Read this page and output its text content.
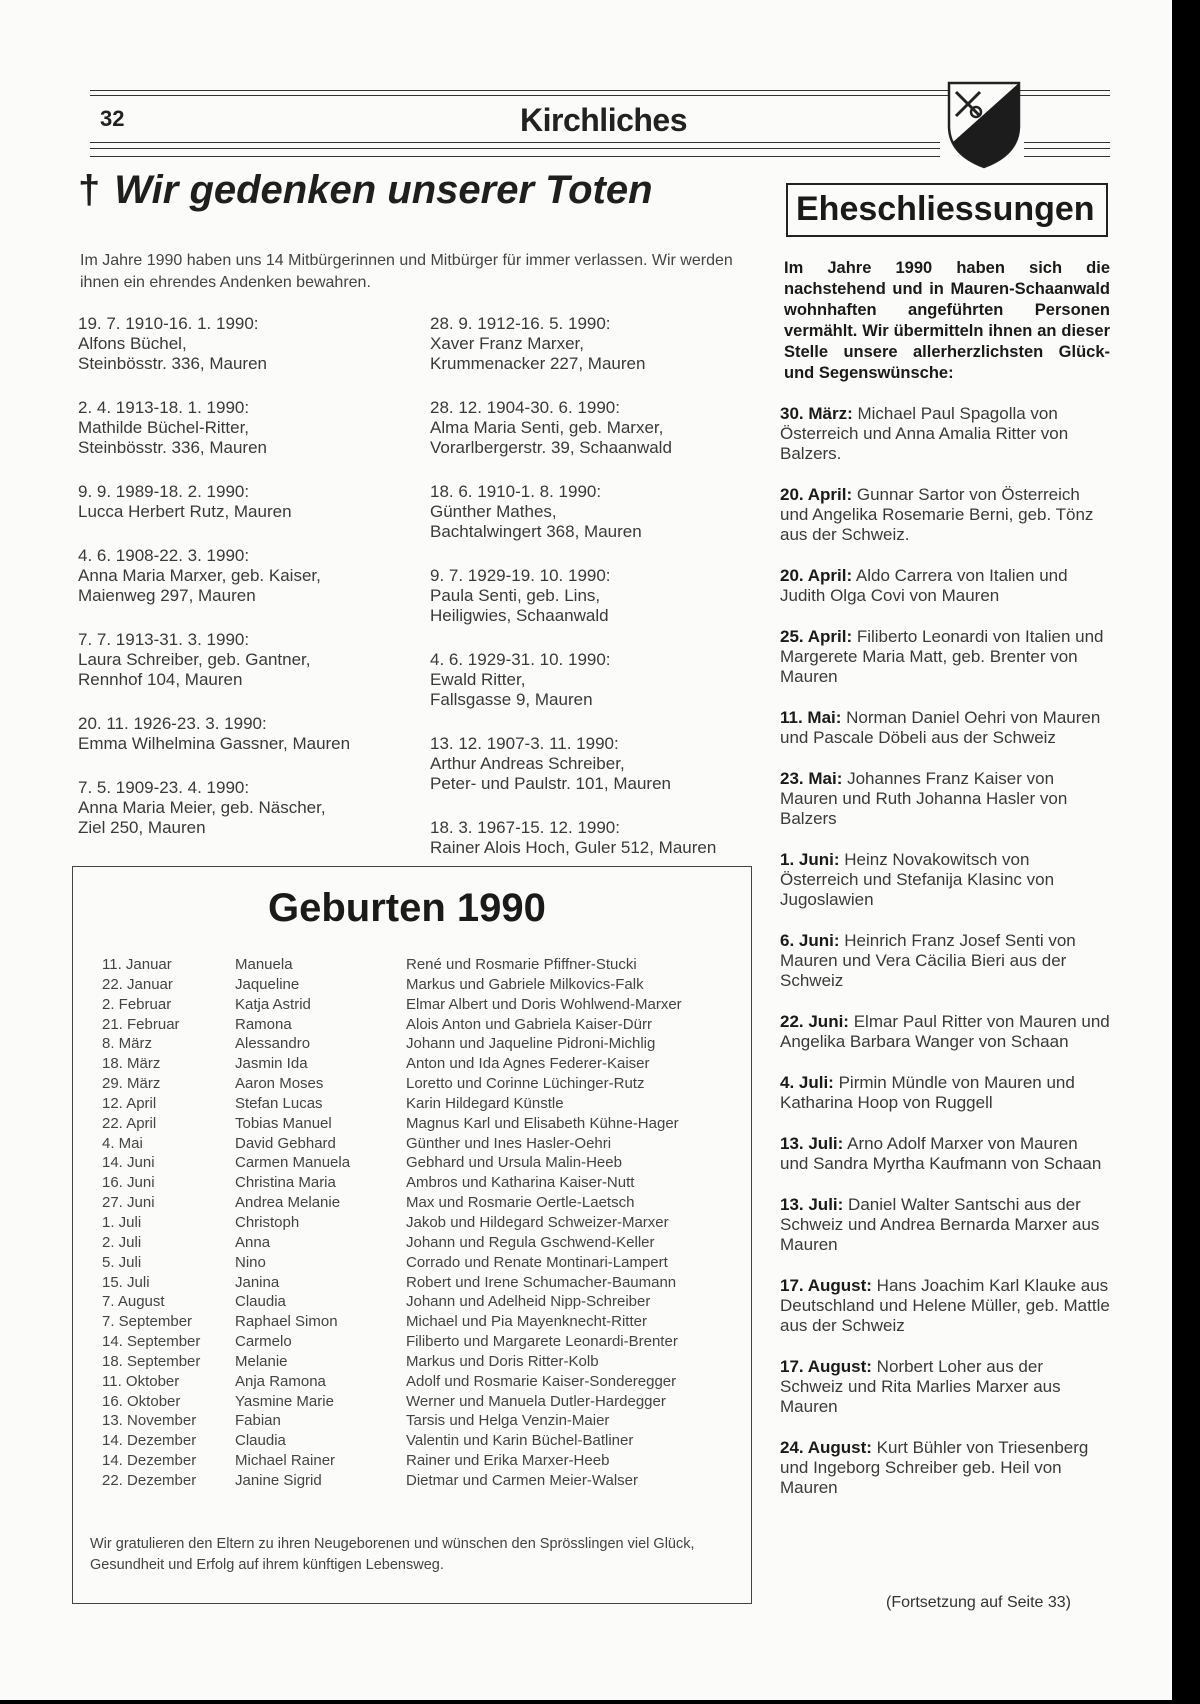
32	Kirchliches
† Wir gedenken unserer Toten
Im Jahre 1990 haben uns 14 Mitbürgerinnen und Mitbürger für immer verlassen. Wir werden ihnen ein ehrendes Andenken bewahren.
19. 7. 1910-16. 1. 1990:
Alfons Büchel,
Steinbösstr. 336, Mauren
2. 4. 1913-18. 1. 1990:
Mathilde Büchel-Ritter,
Steinbösstr. 336, Mauren
9. 9. 1989-18. 2. 1990:
Lucca Herbert Rutz, Mauren
4. 6. 1908-22. 3. 1990:
Anna Maria Marxer, geb. Kaiser,
Maienweg 297, Mauren
7. 7. 1913-31. 3. 1990:
Laura Schreiber, geb. Gantner,
Rennhof 104, Mauren
20. 11. 1926-23. 3. 1990:
Emma Wilhelmina Gassner, Mauren
7. 5. 1909-23. 4. 1990:
Anna Maria Meier, geb. Näscher,
Ziel 250, Mauren
28. 9. 1912-16. 5. 1990:
Xaver Franz Marxer,
Krummenacker 227, Mauren
28. 12. 1904-30. 6. 1990:
Alma Maria Senti, geb. Marxer,
Vorarlbergerstr. 39, Schaanwald
18. 6. 1910-1. 8. 1990:
Günther Mathes,
Bachtalwingert 368, Mauren
9. 7. 1929-19. 10. 1990:
Paula Senti, geb. Lins,
Heiligwies, Schaanwald
4. 6. 1929-31. 10. 1990:
Ewald Ritter,
Fallsgasse 9, Mauren
13. 12. 1907-3. 11. 1990:
Arthur Andreas Schreiber,
Peter- und Paulstr. 101, Mauren
18. 3. 1967-15. 12. 1990:
Rainer Alois Hoch, Guler 512, Mauren
Eheschliessungen
Im Jahre 1990 haben sich die nachstehend und in Mauren-Schaanwald wohnhaften angeführten Personen vermählt. Wir übermitteln ihnen an dieser Stelle unsere allerherzlichsten Glück- und Segenswünsche:
30. März: Michael Paul Spagolla von Österreich und Anna Amalia Ritter von Balzers.
20. April: Gunnar Sartor von Österreich und Angelika Rosemarie Berni, geb. Tönz aus der Schweiz.
20. April: Aldo Carrera von Italien und Judith Olga Covi von Mauren
25. April: Filiberto Leonardi von Italien und Margerete Maria Matt, geb. Brenter von Mauren
11. Mai: Norman Daniel Oehri von Mauren und Pascale Döbeli aus der Schweiz
23. Mai: Johannes Franz Kaiser von Mauren und Ruth Johanna Hasler von Balzers
1. Juni: Heinz Novakowitsch von Österreich und Stefanija Klasinc von Jugoslawien
6. Juni: Heinrich Franz Josef Senti von Mauren und Vera Cäcilia Bieri aus der Schweiz
22. Juni: Elmar Paul Ritter von Mauren und Angelika Barbara Wanger von Schaan
4. Juli: Pirmin Mündle von Mauren und Katharina Hoop von Ruggell
13. Juli: Arno Adolf Marxer von Mauren und Sandra Myrtha Kaufmann von Schaan
13. Juli: Daniel Walter Santschi aus der Schweiz und Andrea Bernarda Marxer aus Mauren
17. August: Hans Joachim Karl Klauke aus Deutschland und Helene Müller, geb. Mattle aus der Schweiz
17. August: Norbert Loher aus der Schweiz und Rita Marlies Marxer aus Mauren
24. August: Kurt Bühler von Triesenberg und Ingeborg Schreiber geb. Heil von Mauren
(Fortsetzung auf Seite 33)
Geburten 1990
11. Januar	Manuela	René und Rosmarie Pfiffner-Stucki
22. Januar	Jaqueline	Markus und Gabriele Milkovics-Falk
2. Februar	Katja Astrid	Elmar Albert und Doris Wohlwend-Marxer
21. Februar	Ramona	Alois Anton und Gabriela Kaiser-Dürr
8. März	Alessandro	Johann und Jaqueline Pidroni-Michlig
18. März	Jasmin Ida	Anton und Ida Agnes Federer-Kaiser
29. März	Aaron Moses	Loretto und Corinne Lüchinger-Rutz
12. April	Stefan Lucas	Karin Hildegard Künstle
22. April	Tobias Manuel	Magnus Karl und Elisabeth Kühne-Hager
4. Mai	David Gebhard	Günther und Ines Hasler-Oehri
14. Juni	Carmen Manuela	Gebhard und Ursula Malin-Heeb
16. Juni	Christina Maria	Ambros und Katharina Kaiser-Nutt
27. Juni	Andrea Melanie	Max und Rosmarie Oertle-Laetsch
1. Juli	Christoph	Jakob und Hildegard Schweizer-Marxer
2. Juli	Anna	Johann und Regula Gschwend-Keller
5. Juli	Nino	Corrado und Renate Montinari-Lampert
15. Juli	Janina	Robert und Irene Schumacher-Baumann
7. August	Claudia	Johann und Adelheid Nipp-Schreiber
7. September	Raphael Simon	Michael und Pia Mayenknecht-Ritter
14. September Carmelo	Filiberto und Margarete Leonardi-Brenter
18. September Melanie	Markus und Doris Ritter-Kolb
11. Oktober	Anja Ramona	Adolf und Rosmarie Kaiser-Sonderegger
16. Oktober	Yasmine Marie	Werner und Manuela Dutler-Hardegger
13. November	Fabian	Tarsis und Helga Venzin-Maier
14. Dezember	Claudia	Valentin und Karin Büchel-Batliner
14. Dezember	Michael Rainer	Rainer und Erika Marxer-Heeb
22. Dezember	Janine Sigrid	Dietmar und Carmen Meier-Walser
Wir gratulieren den Eltern zu ihren Neugeborenen und wünschen den Sprösslingen viel Glück, Gesundheit und Erfolg auf ihrem künftigen Lebensweg.
